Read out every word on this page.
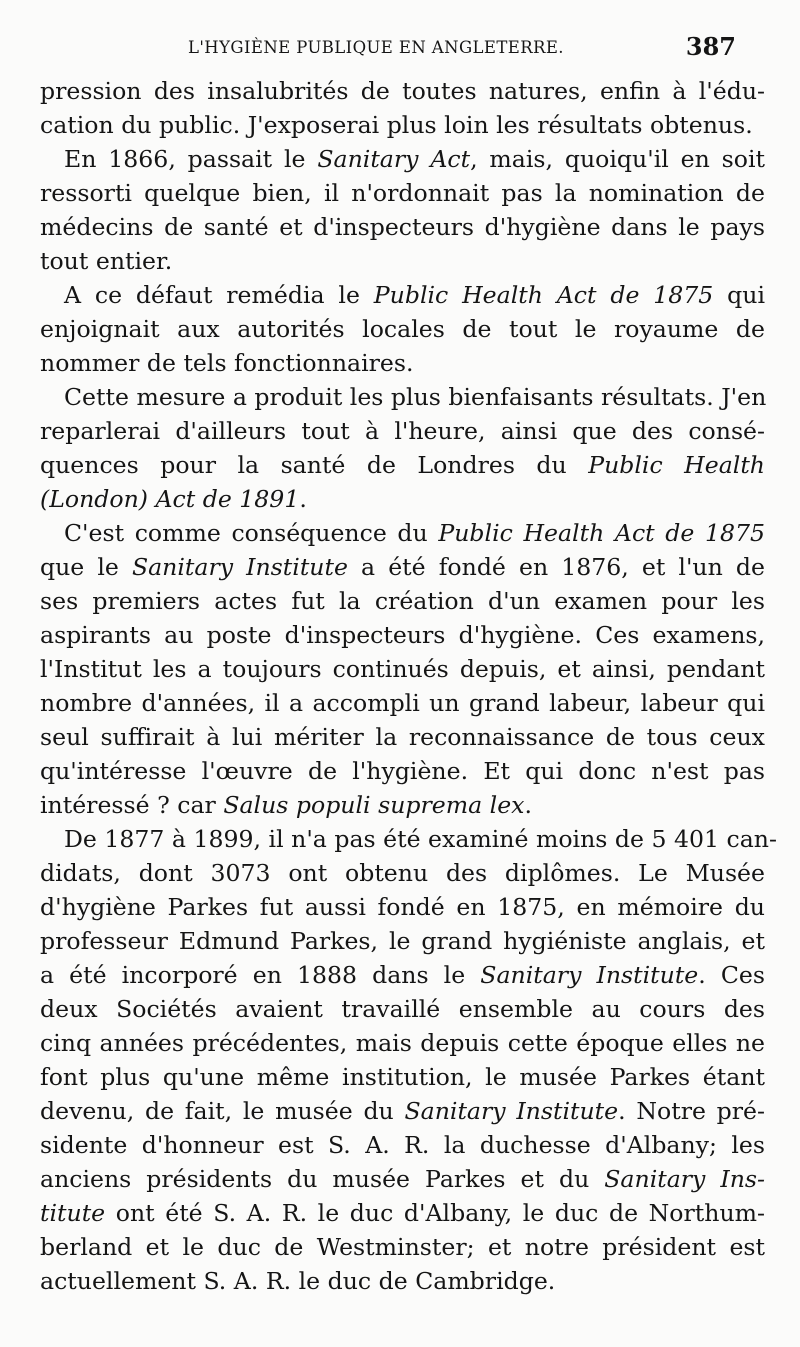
L'HYGIÈNE PUBLIQUE EN ANGLETERRE.	387
pression des insalubrités de toutes natures, enfin à l'édu-
cation du public. J'exposerai plus loin les résultats obtenus.
En 1866, passait le Sanitary Act, mais, quoiqu'il en soit
ressorti quelque bien, il n'ordonnait pas la nomination de
médecins de santé et d'inspecteurs d'hygiène dans le pays
tout entier.
A ce défaut remédia le Public Health Act de 1875 qui
enjoignait aux autorités locales de tout le royaume de
nommer de tels fonctionnaires.
Cette mesure a produit les plus bienfaisants résultats. J'en
reparlerai d'ailleurs tout à l'heure, ainsi que des consé-
quences pour la santé de Londres du Public Health
(London) Act de 1891.
C'est comme conséquence du Public Health Act de 1875
que le Sanitary Institute a été fondé en 1876, et l'un de
ses premiers actes fut la création d'un examen pour les
aspirants au poste d'inspecteurs d'hygiène. Ces examens,
l'Institut les a toujours continués depuis, et ainsi, pendant
nombre d'années, il a accompli un grand labeur, labeur qui
seul suffirait à lui mériter la reconnaissance de tous ceux
qu'intéresse l'œuvre de l'hygiène. Et qui donc n'est pas
intéressé ? car Salus populi suprema lex.
De 1877 à 1899, il n'a pas été examiné moins de 5 401 can-
didats, dont 3073 ont obtenu des diplômes. Le Musée
d'hygiène Parkes fut aussi fondé en 1875, en mémoire du
professeur Edmund Parkes, le grand hygiéniste anglais, et
a été incorporé en 1888 dans le Sanitary Institute. Ces
deux Sociétés avaient travaillé ensemble au cours des
cinq années précédentes, mais depuis cette époque elles ne
font plus qu'une même institution, le musée Parkes étant
devenu, de fait, le musée du Sanitary Institute. Notre pré-
sidente d'honneur est S. A. R. la duchesse d'Albany; les
anciens présidents du musée Parkes et du Sanitary Ins-
titute ont été S. A. R. le duc d'Albany, le duc de Northum-
berland et le duc de Westminster; et notre président est
actuellement S. A. R. le duc de Cambridge.
